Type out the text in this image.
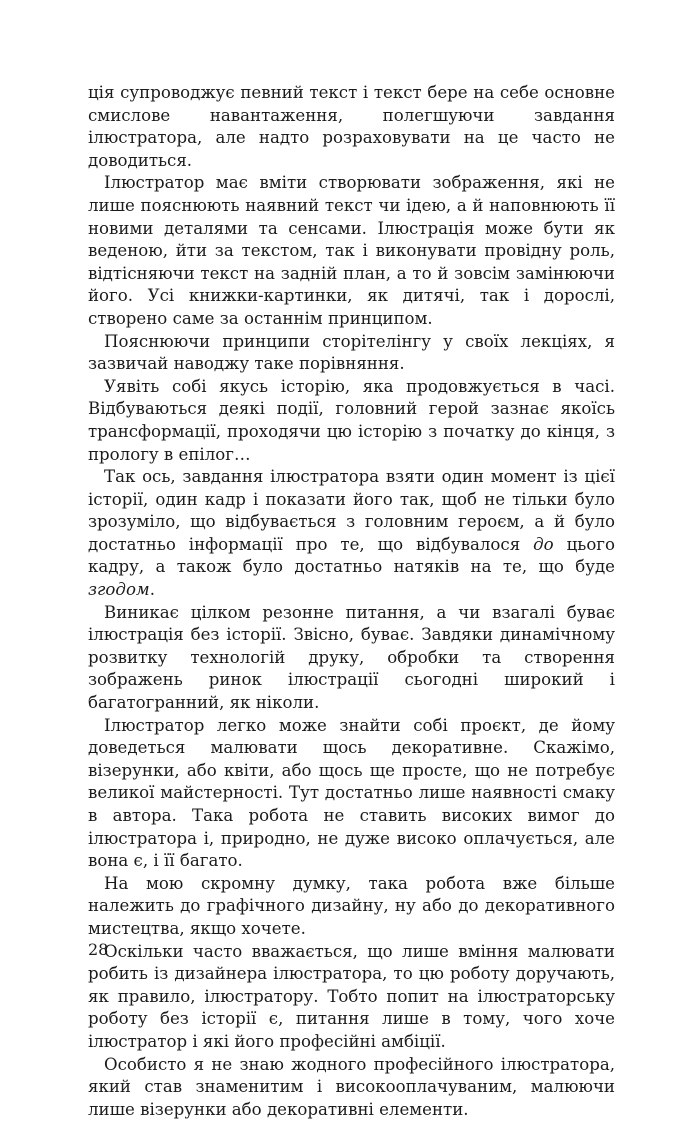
ція супроводжує певний текст і текст бере на себе основне смислове навантаження, полегшуючи завдання ілюстратора, але надто розраховувати на це часто не доводиться.

Ілюстратор має вміти створювати зображення, які не лише пояснюють наявний текст чи ідею, а й наповнюють її новими деталями та сенсами. Ілюстрація може бути як веденою, йти за текстом, так і виконувати провідну роль, відтісняючи текст на задній план, а то й зовсім замінюючи його. Усі книжки-картинки, як дитячі, так і дорослі, створено саме за останнім принципом.

Пояснюючи принципи сторітелінгу у своїх лекціях, я зазвичай наводжу таке порівняння.

Уявіть собі якусь історію, яка продовжується в часі. Відбуваються деякі події, головний герой зазнає якоїсь трансформації, проходячи цю історію з початку до кінця, з прологу в епілог…

Так ось, завдання ілюстратора взяти один момент із цієї історії, один кадр і показати його так, щоб не тільки було зрозуміло, що відбувається з головним героєм, а й було достатньо інформації про те, що відбувалося до цього кадру, а також було достатньо натяків на те, що буде згодом.

Виникає цілком резонне питання, а чи взагалі буває ілюстрація без історії. Звісно, буває. Завдяки динамічному розвитку технологій друку, обробки та створення зображень ринок ілюстрації сьогодні широкий і багатогранний, як ніколи.

Ілюстратор легко може знайти собі проєкт, де йому доведеться малювати щось декоративне. Скажімо, візерунки, або квіти, або щось ще просте, що не потребує великої майстерності. Тут достатньо лише наявності смаку в автора. Така робота не ставить високих вимог до ілюстратора і, природно, не дуже високо оплачується, але вона є, і її багато.

На мою скромну думку, така робота вже більше належить до графічного дизайну, ну або до декоративного мистецтва, якщо хочете.

Оскільки часто вважається, що лише вміння малювати робить із дизайнера ілюстратора, то цю роботу доручають, як правило, ілюстратору. Тобто попит на ілюстраторську роботу без історії є, питання лише в тому, чого хоче ілюстратор і які його професійні амбіції.

Особисто я не знаю жодного професійного ілюстратора, який став знаменитим і високооплачуваним, малюючи лише візерунки або декоративні елементи.

28
